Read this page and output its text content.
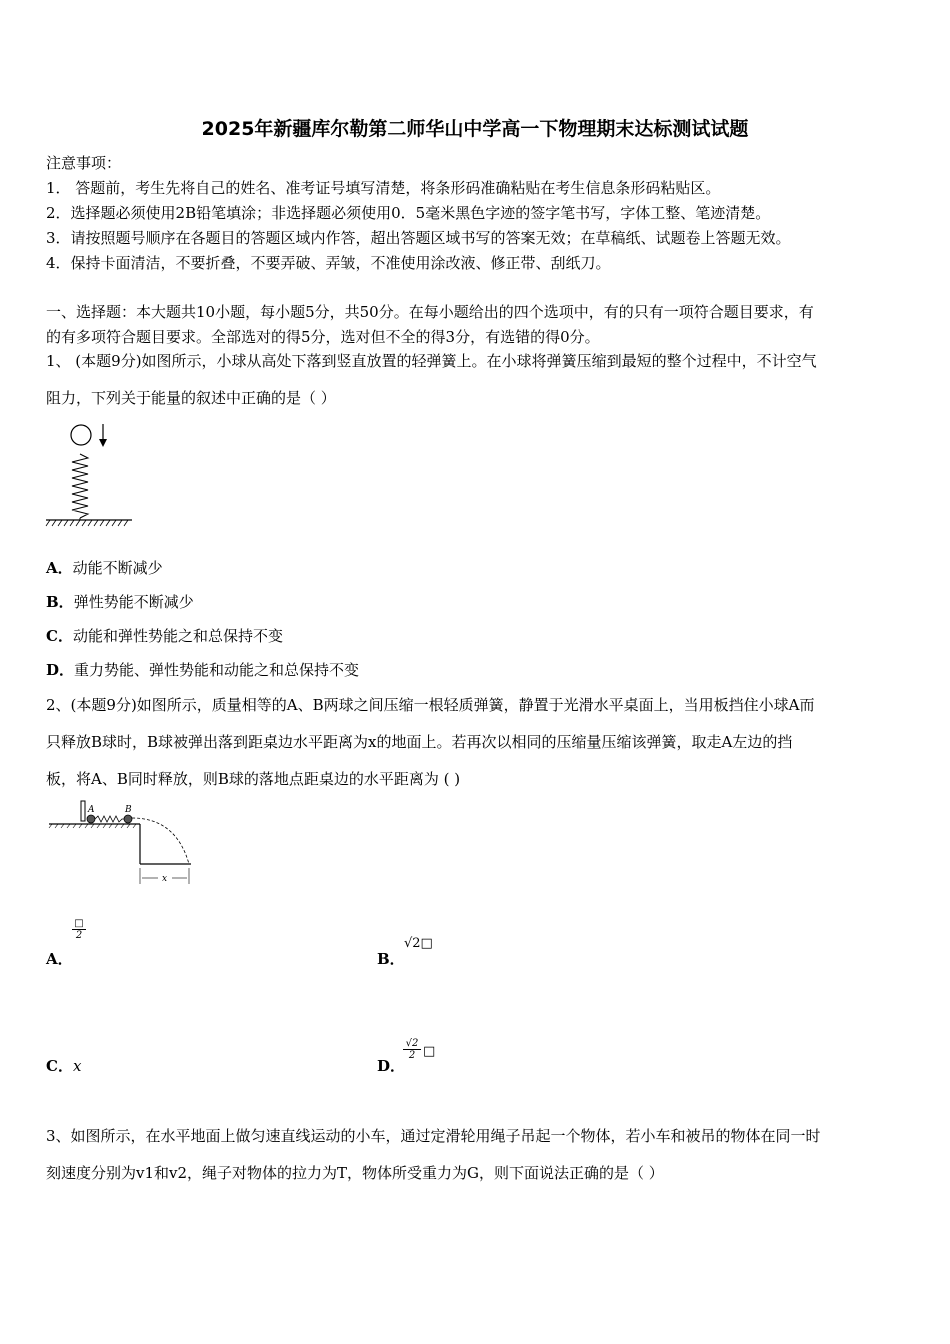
2025年新疆库尔勒第二师华山中学高一下物理期末达标测试试题
注意事项：
1． 答题前，考生先将自己的姓名、准考证号填写清楚，将条形码准确粘贴在考生信息条形码粘贴区。
2．选择题必须使用2B铅笔填涂；非选择题必须使用0．5毫米黑色字迹的签字笔书写，字体工整、笔迹清楚。
3．请按照题号顺序在各题目的答题区域内作答，超出答题区域书写的答案无效；在草稿纸、试题卷上答题无效。
4．保持卡面清洁，不要折叠，不要弄破、弄皱，不准使用涂改液、修正带、刮纸刀。
一、选择题：本大题共10小题，每小题5分，共50分。在每小题给出的四个选项中，有的只有一项符合题目要求，有
的有多项符合题目要求。全部选对的得5分，选对但不全的得3分，有选错的得0分。
1、 (本题9分)如图所示，小球从高处下落到竖直放置的轻弹簧上。在小球将弹簧压缩到最短的整个过程中，不计空气
阻力，下列关于能量的叙述中正确的是（ ）
A．动能不断减少
B．弹性势能不断减少
C．动能和弹性势能之和总保持不变
D．重力势能、弹性势能和动能之和总保持不变
2、(本题9分)如图所示，质量相等的A、B两球之间压缩一根轻质弹簧，静置于光滑水平桌面上，当用板挡住小球A而
只释放B球时，B球被弹出落到距桌边水平距离为x的地面上。若再次以相同的压缩量压缩该弹簧，取走A左边的挡
板，将A、B同时释放，则B球的落地点距桌边的水平距离为 ( )
A	B
x
A．
□
2
B．
√2□
C．x	D．
$\frac{√2}{2}$ □
3、如图所示，在水平地面上做匀速直线运动的小车，通过定滑轮用绳子吊起一个物体，若小车和被吊的物体在同一时
刻速度分别为v1和v2，绳子对物体的拉力为T，物体所受重力为G，则下面说法正确的是（ ）
